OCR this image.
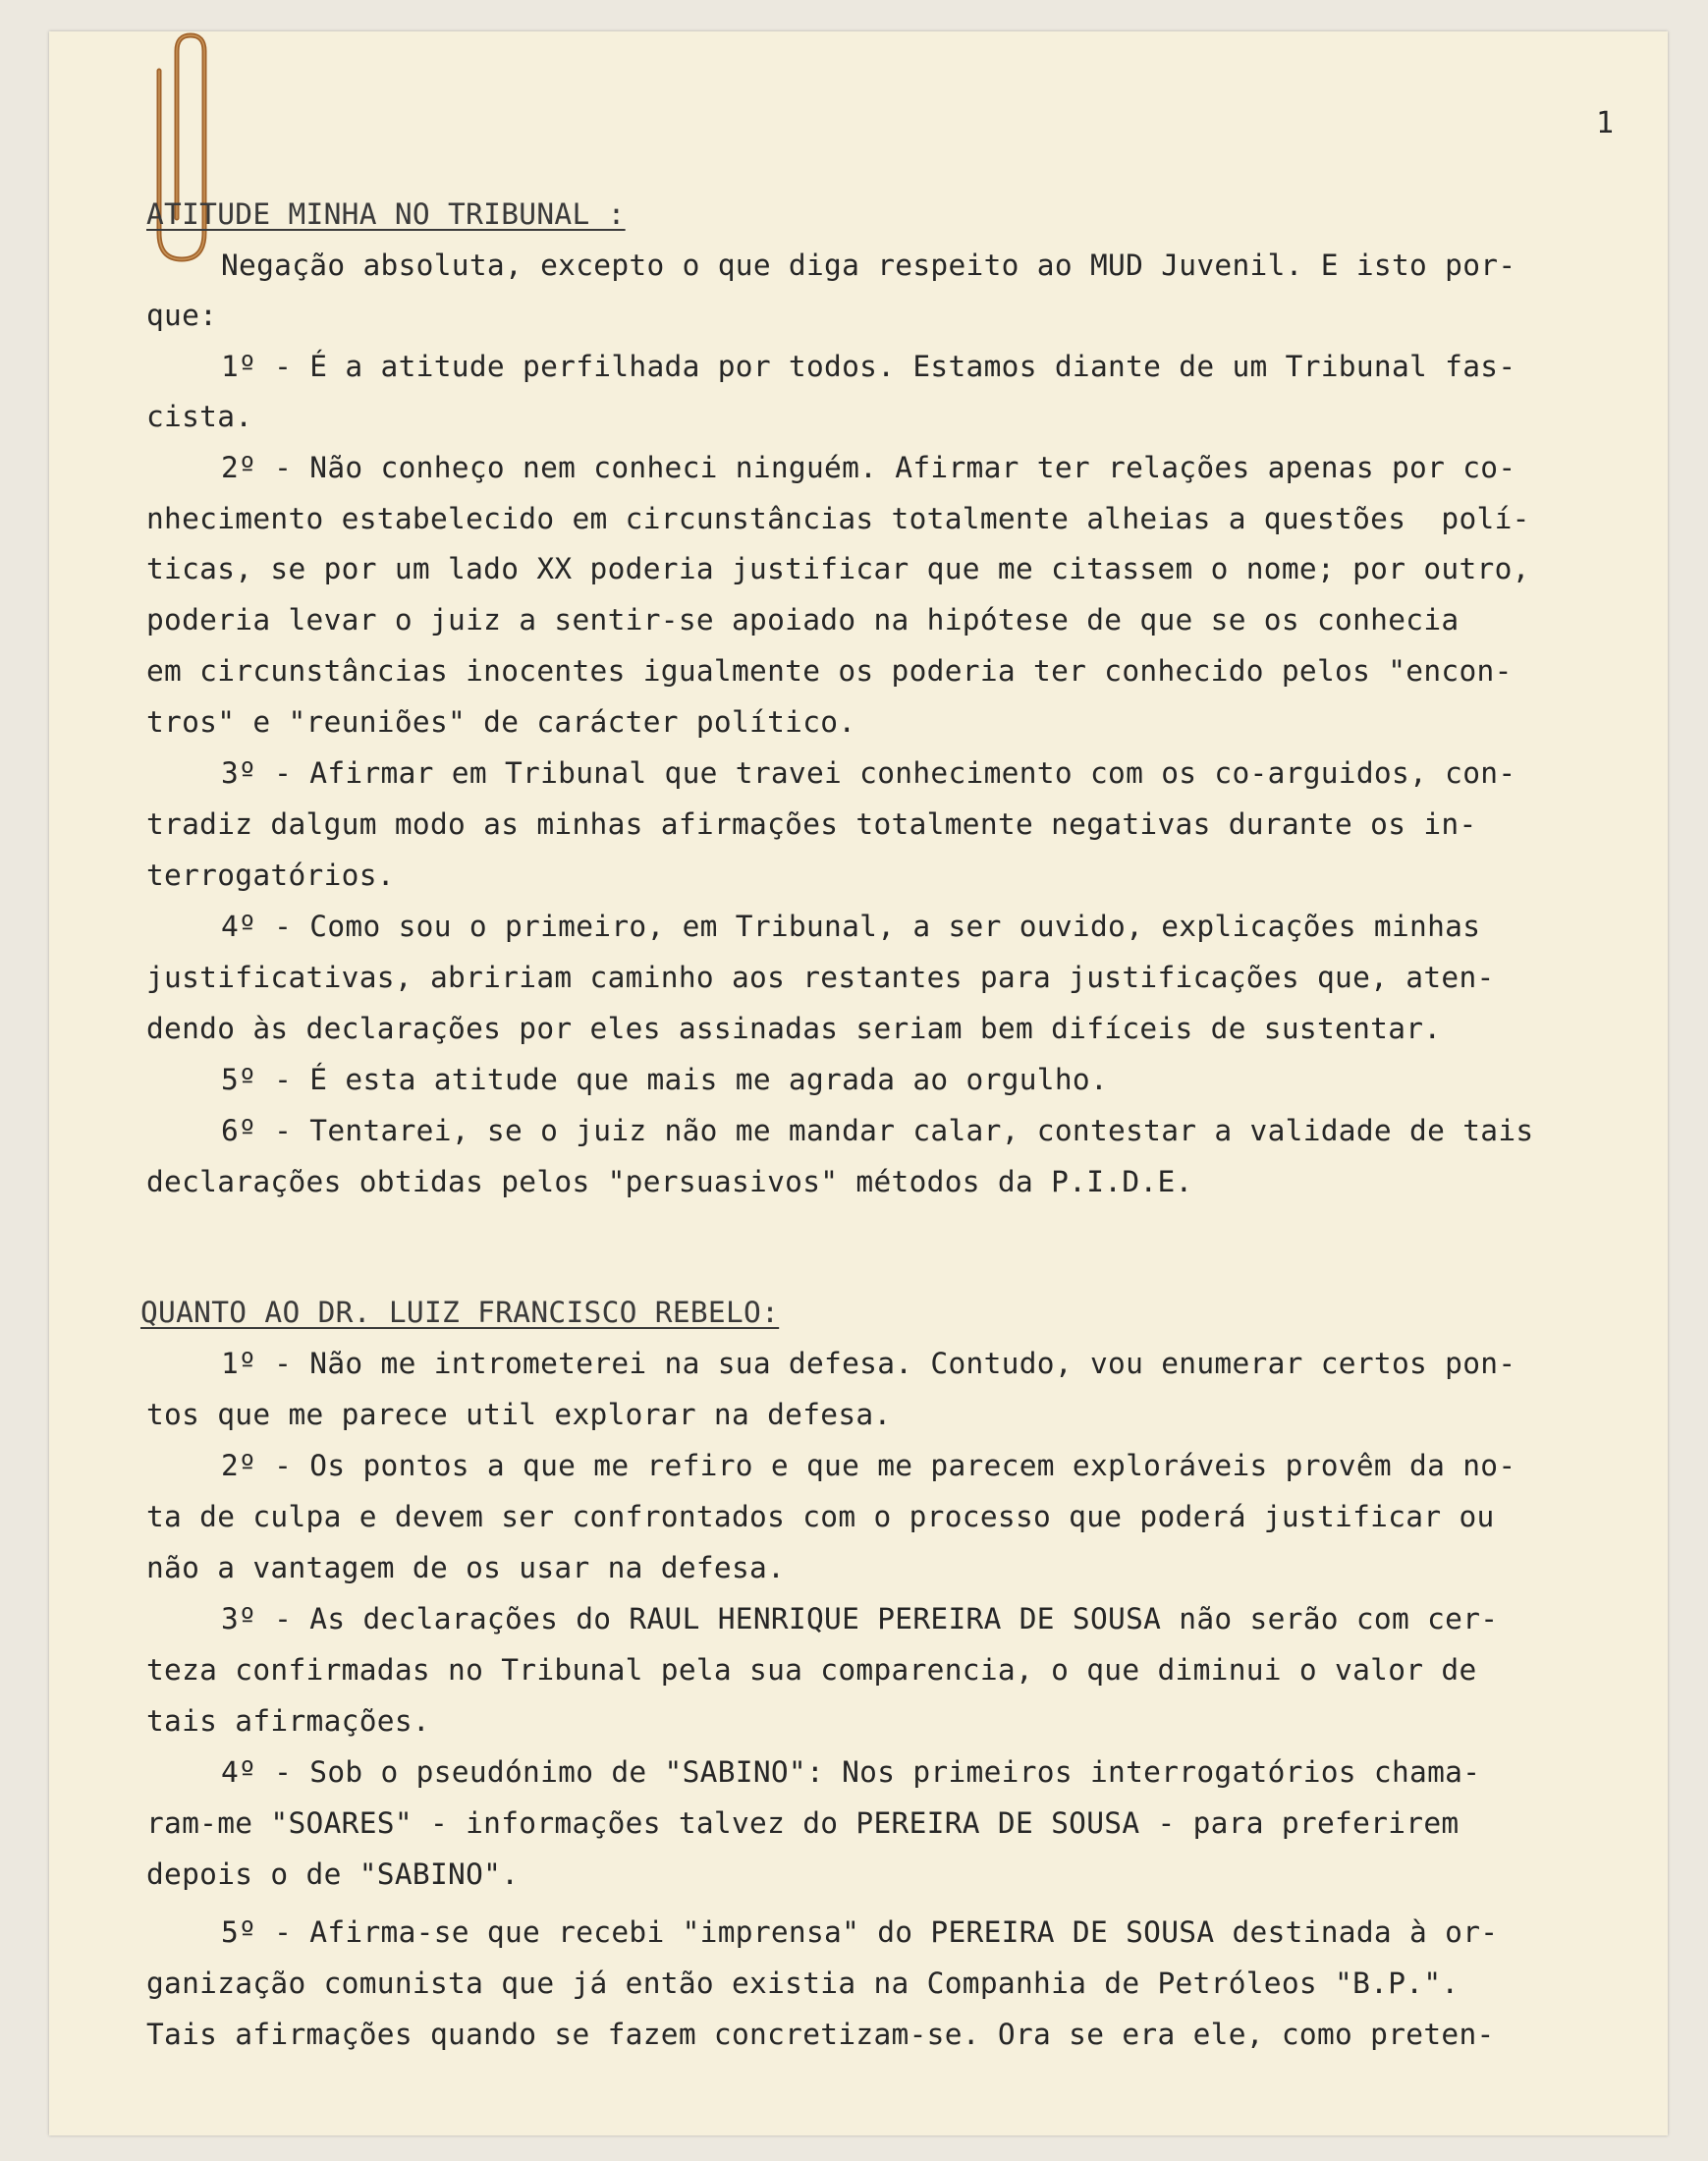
1
ATITUDE MINHA NO TRIBUNAL :
Negação absoluta, excepto o que diga respeito ao MUD Juvenil. E isto por-
que:
1º - É a atitude perfilhada por todos. Estamos diante de um Tribunal fas-
cista.
2º - Não conheço nem conheci ninguém. Afirmar ter relações apenas por co-
nhecimento estabelecido em circunstâncias totalmente alheias a questões  polí-
ticas, se por um lado XX poderia justificar que me citassem o nome; por outro,
poderia levar o juiz a sentir-se apoiado na hipótese de que se os conhecia
em circunstâncias inocentes igualmente os poderia ter conhecido pelos "encon-
tros" e "reuniões" de carácter político.
3º - Afirmar em Tribunal que travei conhecimento com os co-arguidos, con-
tradiz dalgum modo as minhas afirmações totalmente negativas durante os in-
terrogatórios.
4º - Como sou o primeiro, em Tribunal, a ser ouvido, explicações minhas
justificativas, abririam caminho aos restantes para justificações que, aten-
dendo às declarações por eles assinadas seriam bem difíceis de sustentar.
5º - É esta atitude que mais me agrada ao orgulho.
6º - Tentarei, se o juiz não me mandar calar, contestar a validade de tais
declarações obtidas pelos "persuasivos" métodos da P.I.D.E.
QUANTO AO DR. LUIZ FRANCISCO REBELO:
1º - Não me intrometerei na sua defesa. Contudo, vou enumerar certos pon-
tos que me parece util explorar na defesa.
2º - Os pontos a que me refiro e que me parecem exploráveis provêm da no-
ta de culpa e devem ser confrontados com o processo que poderá justificar ou
não a vantagem de os usar na defesa.
3º - As declarações do RAUL HENRIQUE PEREIRA DE SOUSA não serão com cer-
teza confirmadas no Tribunal pela sua comparencia, o que diminui o valor de
tais afirmações.
4º - Sob o pseudónimo de "SABINO": Nos primeiros interrogatórios chama-
ram-me "SOARES" - informações talvez do PEREIRA DE SOUSA - para preferirem
depois o de "SABINO".
5º - Afirma-se que recebi "imprensa" do PEREIRA DE SOUSA destinada à or-
ganização comunista que já então existia na Companhia de Petróleos "B.P.".
Tais afirmações quando se fazem concretizam-se. Ora se era ele, como preten-
